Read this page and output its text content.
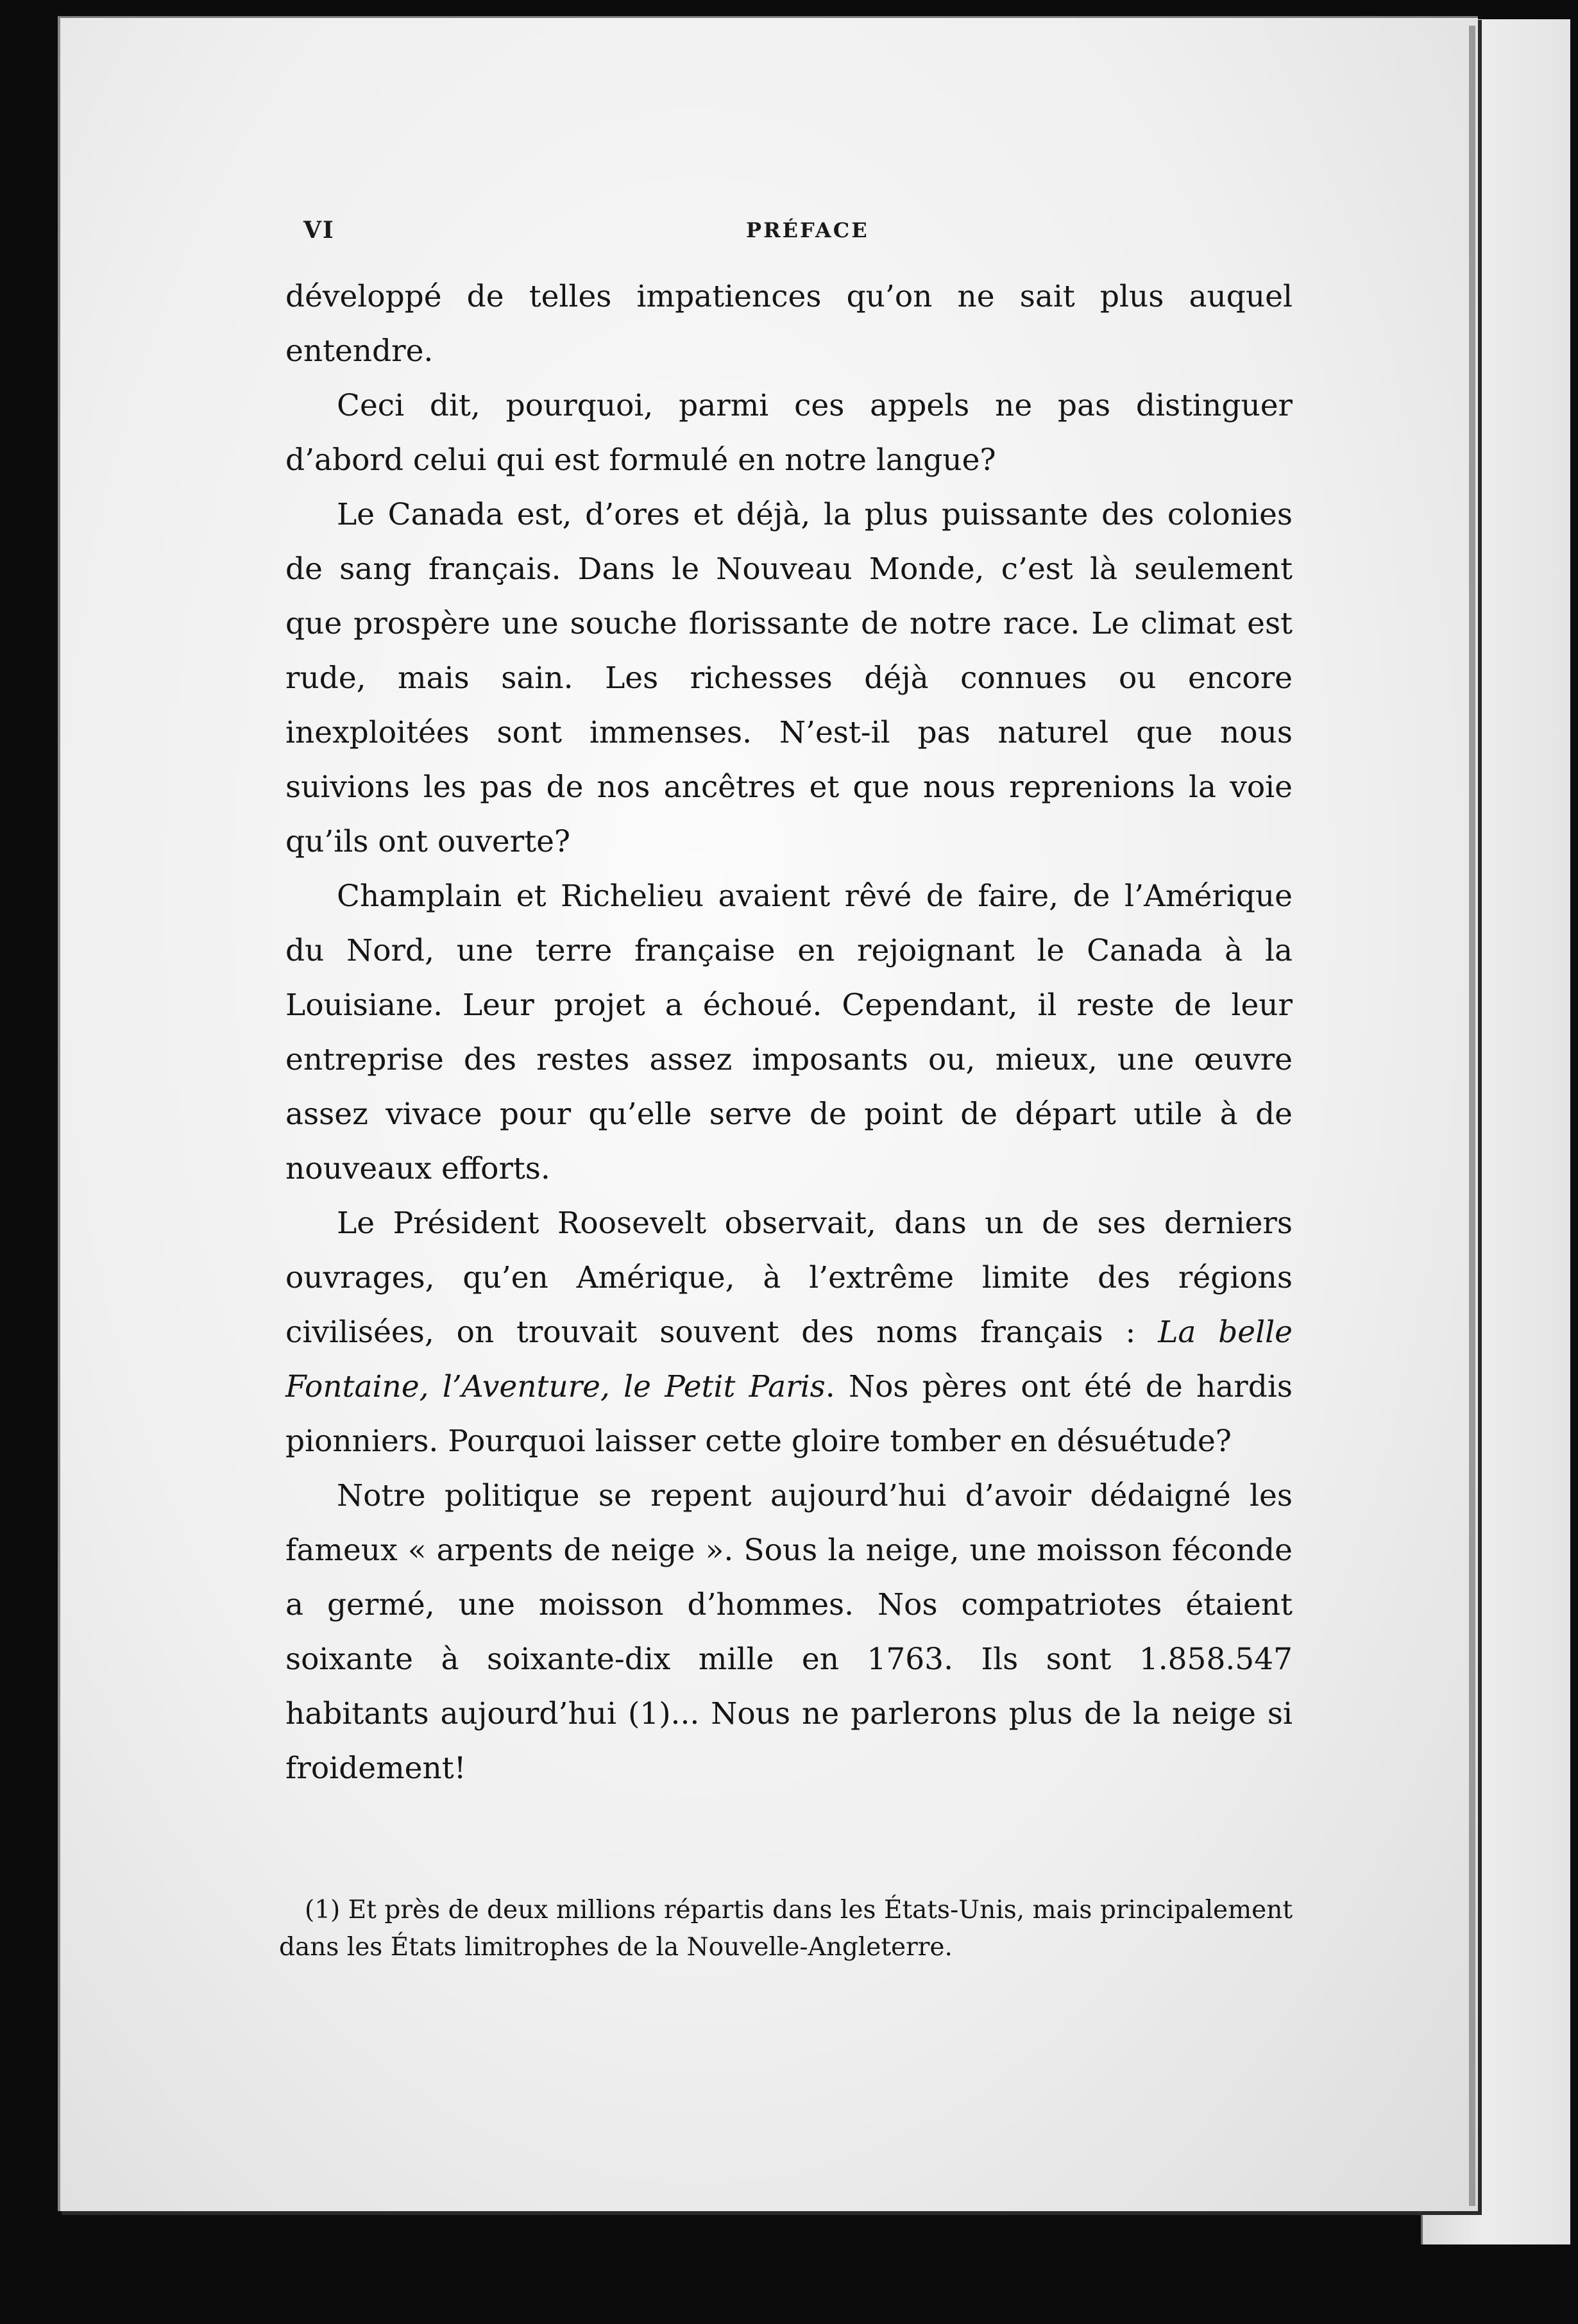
VI	PRÉFACE

développé de telles impatiences qu’on ne sait plus auquel entendre.

Ceci dit, pourquoi, parmi ces appels ne pas distinguer d’abord celui qui est formulé en notre langue?

Le Canada est, d’ores et déjà, la plus puissante des colonies de sang français. Dans le Nouveau Monde, c’est là seulement que prospère une souche florissante de notre race. Le climat est rude, mais sain. Les richesses déjà connues ou encore inexploitées sont immenses. N’est-il pas naturel que nous suivions les pas de nos ancêtres et que nous reprenions la voie qu’ils ont ouverte?

Champlain et Richelieu avaient rêvé de faire, de l’Amérique du Nord, une terre française en rejoignant le Canada à la Louisiane. Leur projet a échoué. Cependant, il reste de leur entreprise des restes assez imposants ou, mieux, une œuvre assez vivace pour qu’elle serve de point de départ utile à de nouveaux efforts.

Le Président Roosevelt observait, dans un de ses derniers ouvrages, qu’en Amérique, à l’extrême limite des régions civilisées, on trouvait souvent des noms français : La belle Fontaine, l’Aventure, le Petit Paris. Nos pères ont été de hardis pionniers. Pourquoi laisser cette gloire tomber en désuétude?

Notre politique se repent aujourd’hui d’avoir dédaigné les fameux « arpents de neige ». Sous la neige, une moisson féconde a germé, une moisson d’hommes. Nos compatriotes étaient soixante à soixante-dix mille en 1763. Ils sont 1.858.547 habitants aujourd’hui (1)... Nous ne parlerons plus de la neige si froidement!

(1) Et près de deux millions répartis dans les États-Unis, mais principalement dans les États limitrophes de la Nouvelle-Angleterre.
